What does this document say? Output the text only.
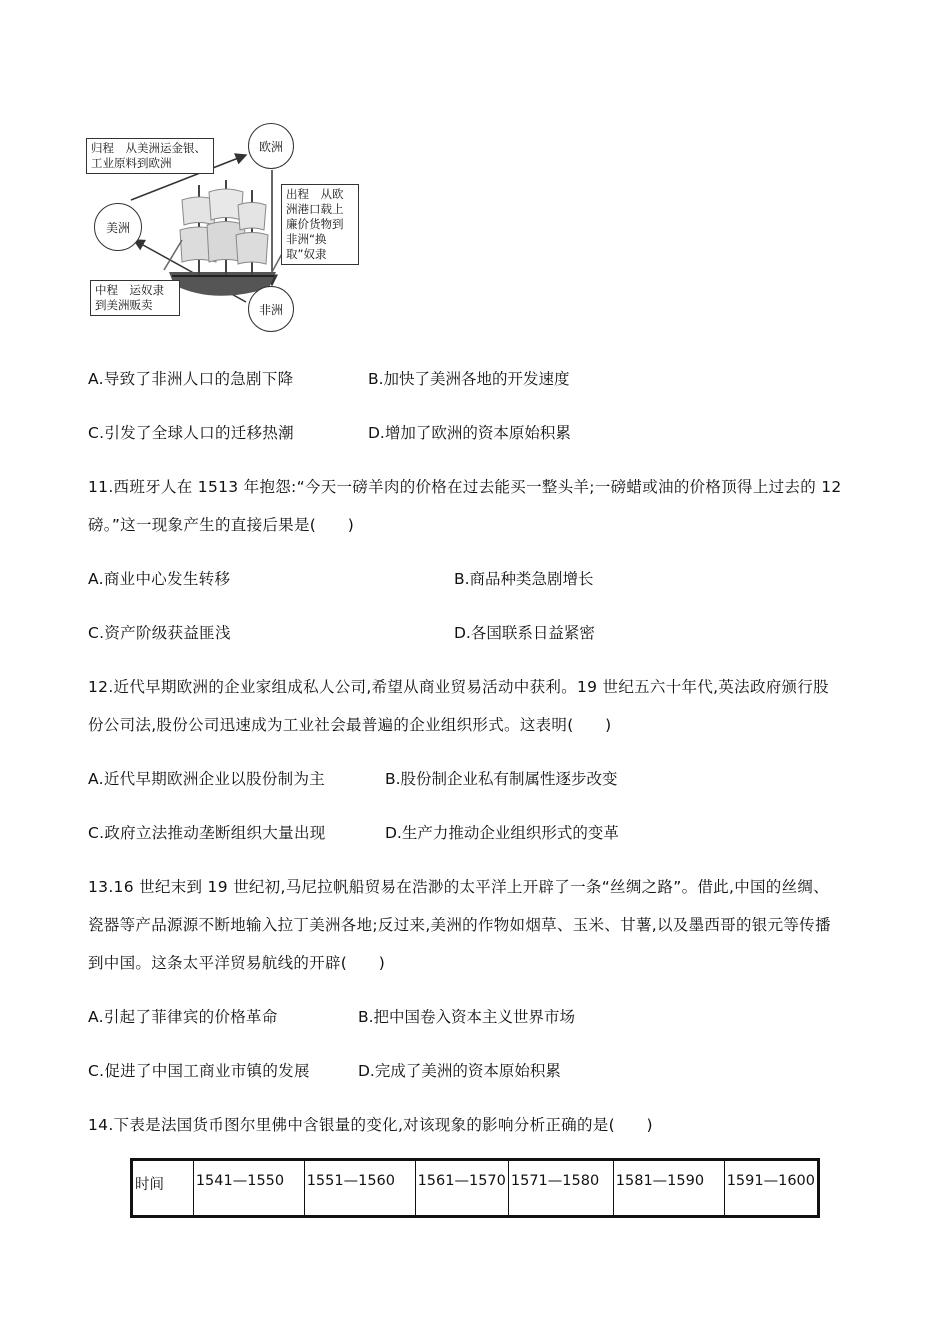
欧洲
美洲
非洲
归程　从美洲运金银、工业原料到欧洲
出程　从欧洲港口载上廉价货物到非洲“换取”奴隶
中程　运奴隶到美洲贩卖
A.导致了非洲人口的急剧下降	B.加快了美洲各地的开发速度
C.引发了全球人口的迁移热潮	D.增加了欧洲的资本原始积累
11.西班牙人在 1513 年抱怨:“今天一磅羊肉的价格在过去能买一整头羊;一磅蜡或油的价格顶得上过去的 12
磅。”这一现象产生的直接后果是(　　)
A.商业中心发生转移	B.商品种类急剧增长
C.资产阶级获益匪浅	D.各国联系日益紧密
12.近代早期欧洲的企业家组成私人公司,希望从商业贸易活动中获利。19 世纪五六十年代,英法政府颁行股
份公司法,股份公司迅速成为工业社会最普遍的企业组织形式。这表明(　　)
A.近代早期欧洲企业以股份制为主	B.股份制企业私有制属性逐步改变
C.政府立法推动垄断组织大量出现	D.生产力推动企业组织形式的变革
13.16 世纪末到 19 世纪初,马尼拉帆船贸易在浩渺的太平洋上开辟了一条“丝绸之路”。借此,中国的丝绸、
瓷器等产品源源不断地输入拉丁美洲各地;反过来,美洲的作物如烟草、玉米、甘薯,以及墨西哥的银元等传播
到中国。这条太平洋贸易航线的开辟(　　)
A.引起了菲律宾的价格革命	B.把中国卷入资本主义世界市场
C.促进了中国工商业市镇的发展	D.完成了美洲的资本原始积累
14.下表是法国货币图尔里佛中含银量的变化,对该现象的影响分析正确的是(　　)
时间	1541—1550	1551—1560	1561—1570	1571—1580	1581—1590	1591—1600
